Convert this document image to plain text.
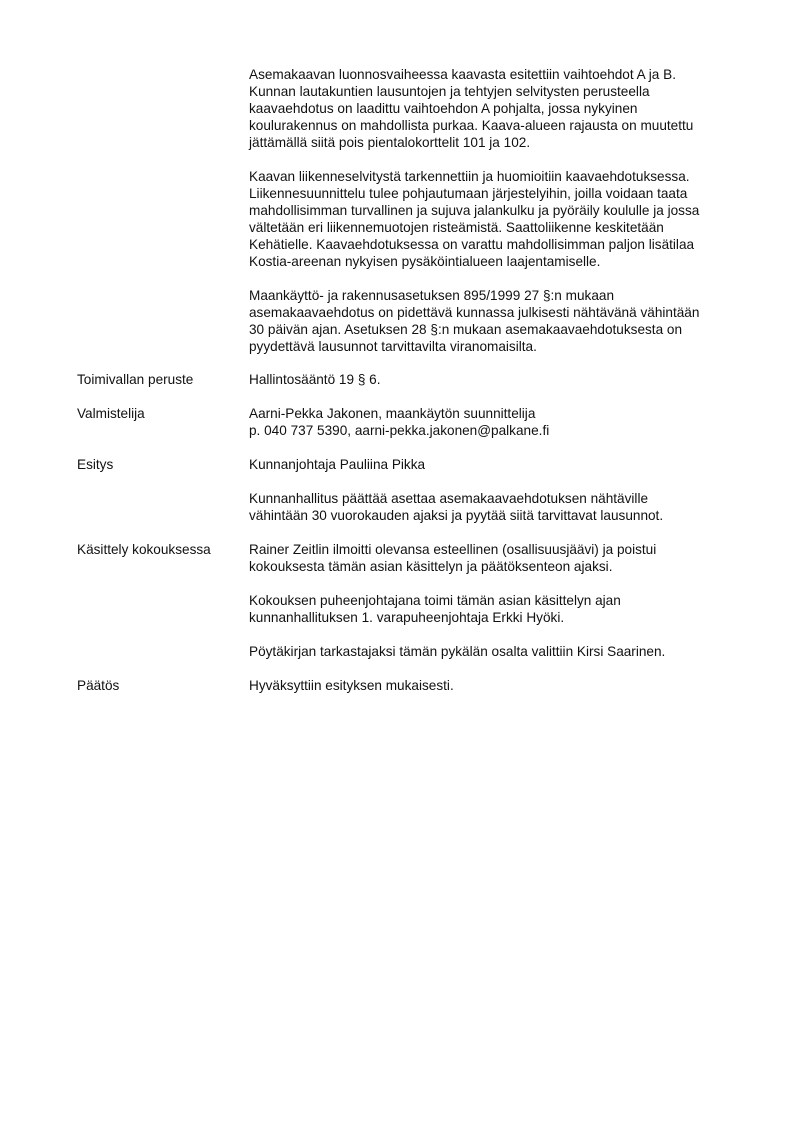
Asemakaavan luonnosvaiheessa kaavasta esitettiin vaihtoehdot A ja B.
Kunnan lautakuntien lausuntojen ja tehtyjen selvitysten perusteella
kaavaehdotus on laadittu vaihtoehdon A pohjalta, jossa nykyinen
koulurakennus on mahdollista purkaa. Kaava-alueen rajausta on muutettu
jättämällä siitä pois pientalokorttelit 101 ja 102.

Kaavan liikenneselvitystä tarkennettiin ja huomioitiin kaavaehdotuksessa.
Liikennesuunnittelu tulee pohjautumaan järjestelyihin, joilla voidaan taata
mahdollisimman turvallinen ja sujuva jalankulku ja pyöräily koululle ja jossa
vältetään eri liikennemuotojen risteämistä. Saattoliikenne keskitetään
Kehätielle. Kaavaehdotuksessa on varattu mahdollisimman paljon lisätilaa
Kostia-areenan nykyisen pysäköintialueen laajentamiselle.

Maankäyttö- ja rakennusasetuksen 895/1999 27 §:n mukaan
asemakaavaehdotus on pidettävä kunnassa julkisesti nähtävänä vähintään
30 päivän ajan. Asetuksen 28 §:n mukaan asemakaavaehdotuksesta on
pyydettävä lausunnot tarvittavilta viranomaisilta.

Toimivallan peruste	Hallintosääntö 19 § 6.
Valmistelija	Aarni-Pekka Jakonen, maankäytön suunnittelija
p. 040 737 5390, aarni-pekka.jakonen@palkane.fi
Esitys	Kunnanjohtaja Pauliina Pikka

Kunnanhallitus päättää asettaa asemakaavaehdotuksen nähtäville
vähintään 30 vuorokauden ajaksi ja pyytää siitä tarvittavat lausunnot.

Käsittely kokouksessa	Rainer Zeitlin ilmoitti olevansa esteellinen (osallisuusjäävi) ja poistui
kokouksesta tämän asian käsittelyn ja päätöksenteon ajaksi.

Kokouksen puheenjohtajana toimi tämän asian käsittelyn ajan
kunnanhallituksen 1. varapuheenjohtaja Erkki Hyöki.

Pöytäkirjan tarkastajaksi tämän pykälän osalta valittiin Kirsi Saarinen.

Päätös	Hyväksyttiin esityksen mukaisesti.
